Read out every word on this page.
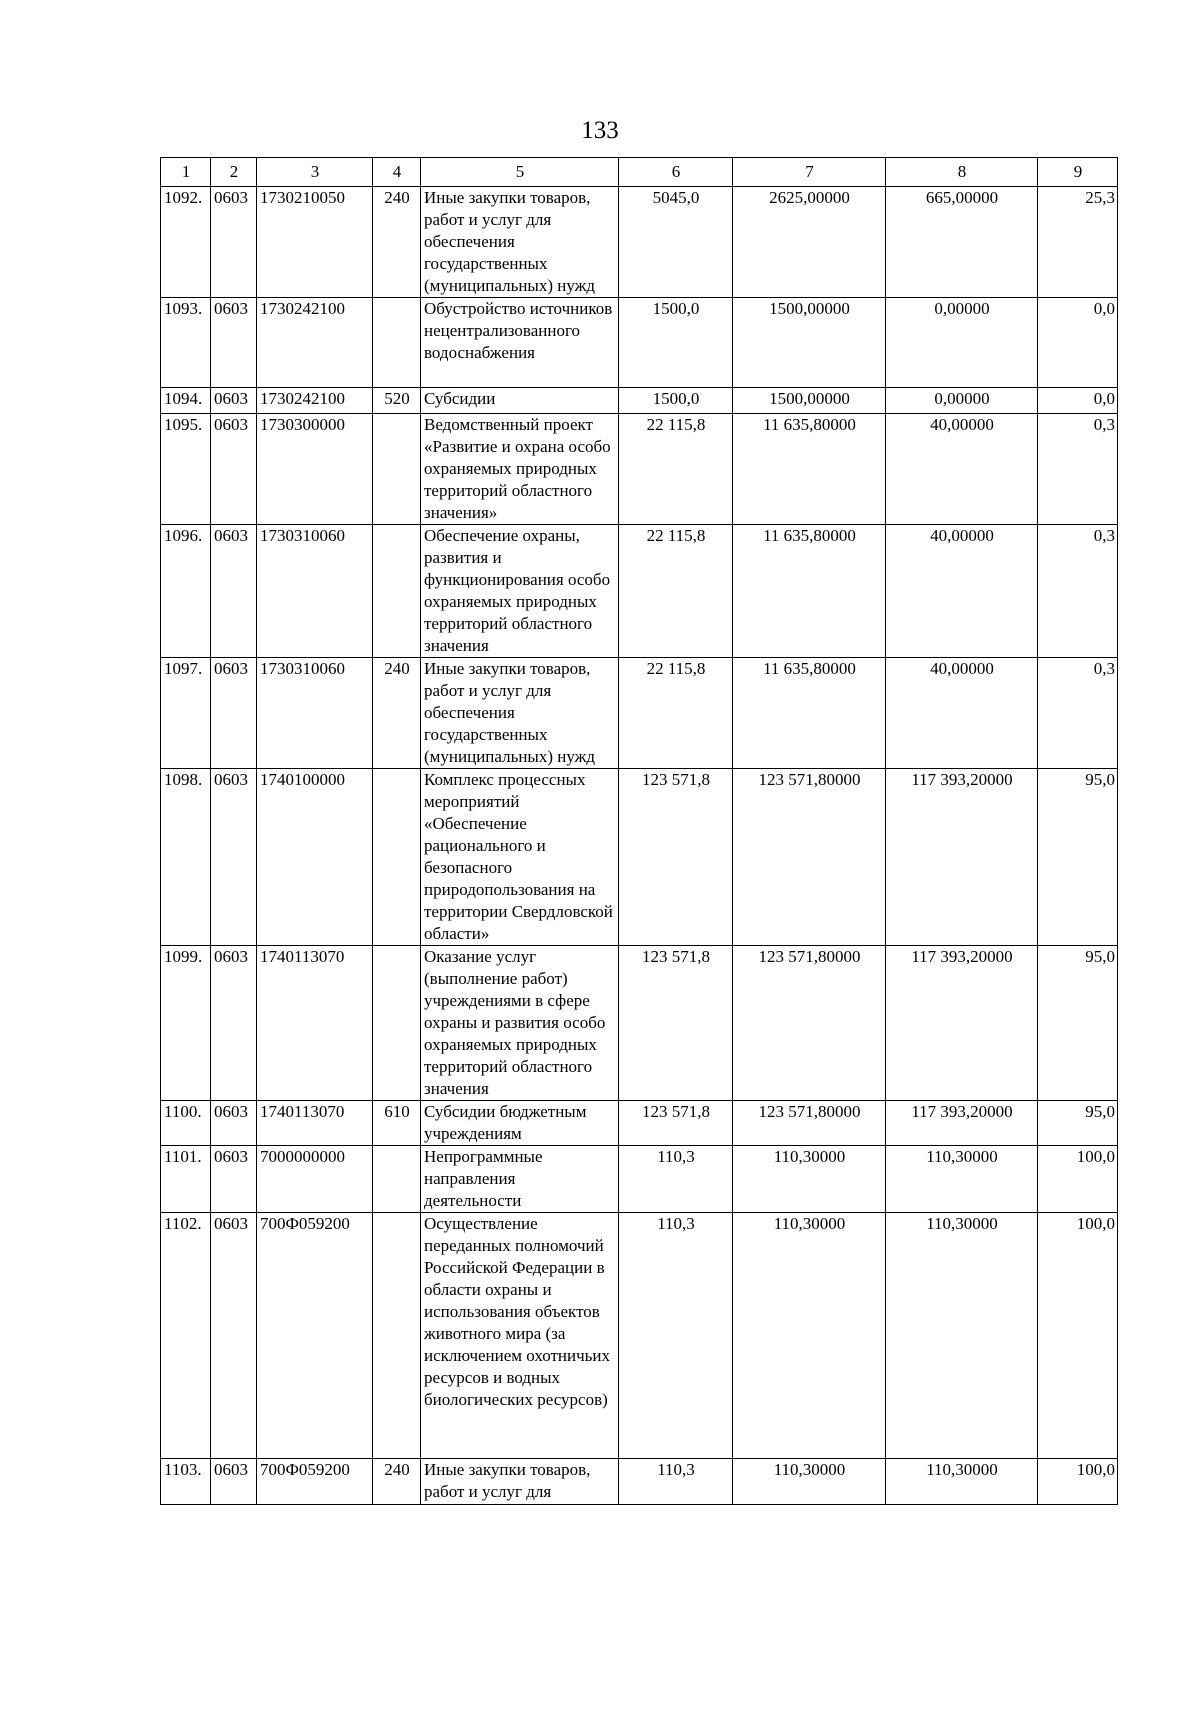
133
1	2	3	4	5	6	7	8	9
1092.	0603	1730210050	240	Иные закупки товаров, работ и услуг для обеспечения государственных (муниципальных) нужд	5045,0	2625,00000	665,00000	25,3
1093.	0603	1730242100		Обустройство источников нецентрализованного водоснабжения	1500,0	1500,00000	0,00000	0,0
1094.	0603	1730242100	520	Субсидии	1500,0	1500,00000	0,00000	0,0
1095.	0603	1730300000		Ведомственный проект «Развитие и охрана особо охраняемых природных территорий областного значения»	22 115,8	11 635,80000	40,00000	0,3
1096.	0603	1730310060		Обеспечение охраны, развития и функционирования особо охраняемых природных территорий областного значения	22 115,8	11 635,80000	40,00000	0,3
1097.	0603	1730310060	240	Иные закупки товаров, работ и услуг для обеспечения государственных (муниципальных) нужд	22 115,8	11 635,80000	40,00000	0,3
1098.	0603	1740100000		Комплекс процессных мероприятий «Обеспечение рационального и безопасного природопользования на территории Свердловской области»	123 571,8	123 571,80000	117 393,20000	95,0
1099.	0603	1740113070		Оказание услуг (выполнение работ) учреждениями в сфере охраны и развития особо охраняемых природных территорий областного значения	123 571,8	123 571,80000	117 393,20000	95,0
1100.	0603	1740113070	610	Субсидии бюджетным учреждениям	123 571,8	123 571,80000	117 393,20000	95,0
1101.	0603	7000000000		Непрограммные направления деятельности	110,3	110,30000	110,30000	100,0
1102.	0603	700Ф059200		Осуществление переданных полномочий Российской Федерации в области охраны и использования объектов животного мира (за исключением охотничьих ресурсов и водных биологических ресурсов)	110,3	110,30000	110,30000	100,0
1103.	0603	700Ф059200	240	Иные закупки товаров, работ и услуг для	110,3	110,30000	110,30000	100,0
